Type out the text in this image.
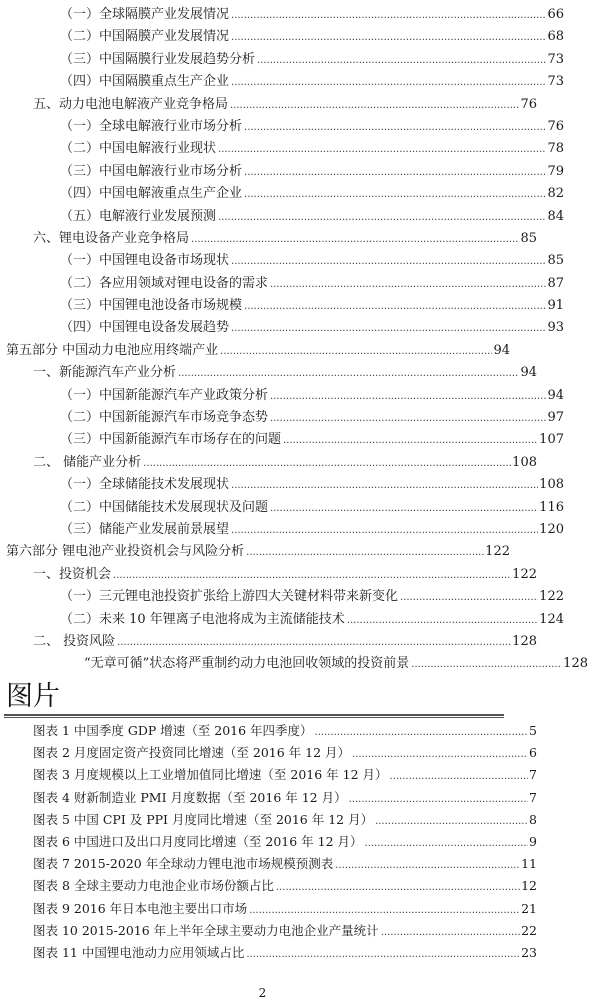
（一）全球隔膜产业发展情况 .....	66
（二）中国隔膜产业发展情况 .....	68
（三）中国隔膜行业发展趋势分析 .....	73
（四）中国隔膜重点生产企业 .....	73
五、动力电池电解液产业竞争格局 .....	76
（一）全球电解液行业市场分析 .....	76
（二）中国电解液行业现状 .....	78
（三）中国电解液行业市场分析 .....	79
（四）中国电解液重点生产企业 .....	82
（五）电解液行业发展预测 .....	84
六、锂电设备产业竞争格局 .....	85
（一）中国锂电设备市场现状 .....	85
（二）各应用领域对锂电设备的需求 .....	87
（三）中国锂电池设备市场规模 .....	91
（四）中国锂电设备发展趋势 .....	93
第五部分 中国动力电池应用终端产业 .....	94
一、新能源汽车产业分析 .....	94
（一）中国新能源汽车产业政策分析 .....	94
（二）中国新能源汽车市场竞争态势 .....	97
（三）中国新能源汽车市场存在的问题 .....	107
二、 储能产业分析 .....	108
（一）全球储能技术发展现状 .....	108
（二）中国储能技术发展现状及问题 .....	116
（三）储能产业发展前景展望 .....	120
第六部分 锂电池产业投资机会与风险分析 .....	122
一、投资机会 .....	122
（一）三元锂电池投资扩张给上游四大关键材料带来新变化 .....	122
（二）未来 10 年锂离子电池将成为主流储能技术 .....	124
二、 投资风险 .....	128
“无章可循”状态将严重制约动力电池回收领域的投资前景 .....	128
图片
图表 1 中国季度 GDP 增速（至 2016 年四季度） .....	5
图表 2 月度固定资产投资同比增速（至 2016 年 12 月） .....	6
图表 3 月度规模以上工业增加值同比增速（至 2016 年 12 月） .....	7
图表 4 财新制造业 PMI 月度数据（至 2016 年 12 月） .....	7
图表 5 中国 CPI 及 PPI 月度同比增速（至 2016 年 12 月） .....	8
图表 6 中国进口及出口月度同比增速（至 2016 年 12 月） .....	9
图表 7 2015-2020 年全球动力锂电池市场规模预测表 .....	11
图表 8 全球主要动力电池企业市场份额占比 .....	12
图表 9 2016 年日本电池主要出口市场 .....	21
图表 10 2015-2016 年上半年全球主要动力电池企业产量统计 .....	22
图表 11 中国锂电池动力应用领域占比 .....	23
2
